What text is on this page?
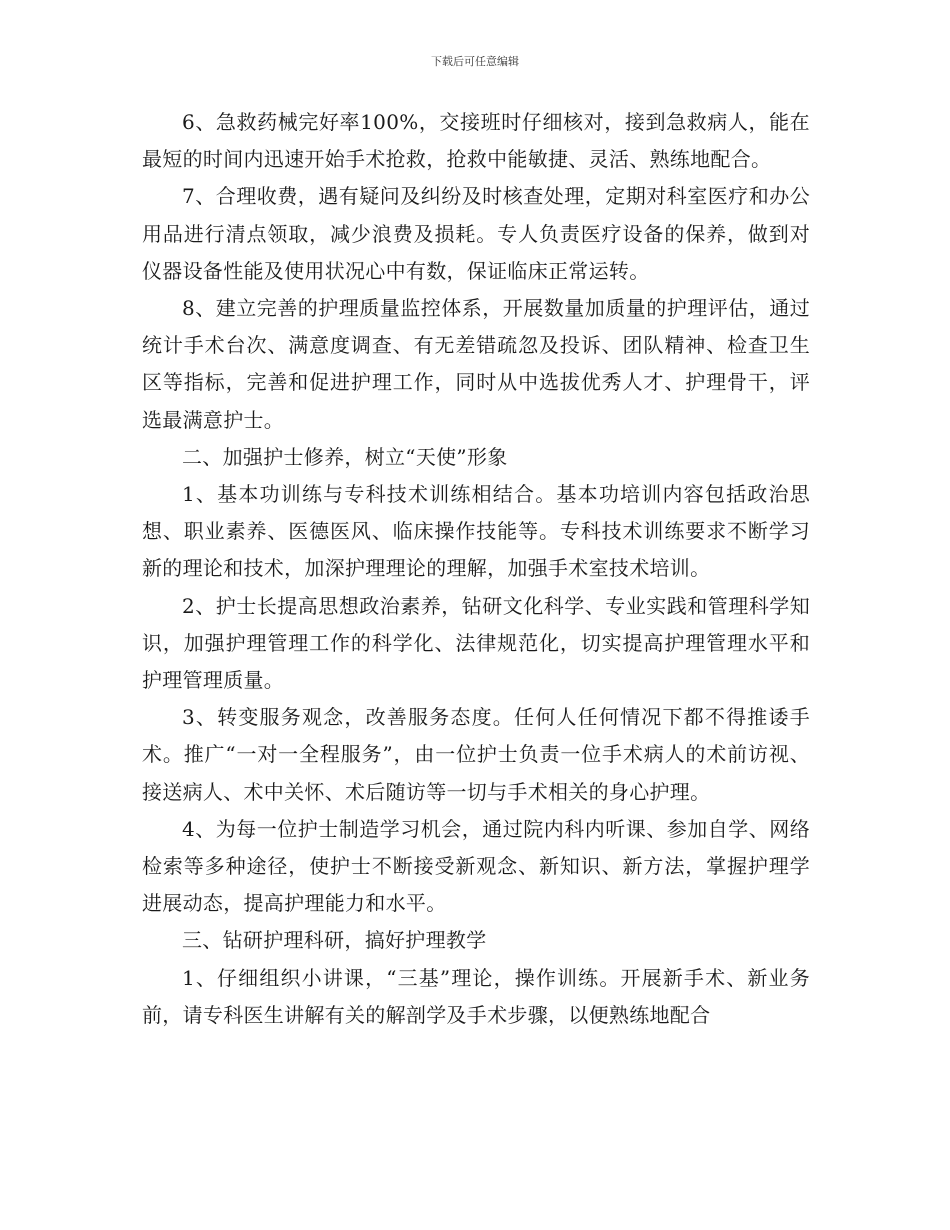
下载后可任意编辑

6、急救药械完好率100%，交接班时仔细核对，接到急救病人，能在最短的时间内迅速开始手术抢救，抢救中能敏捷、灵活、熟练地配合。

7、合理收费，遇有疑问及纠纷及时核查处理，定期对科室医疗和办公用品进行清点领取，减少浪费及损耗。专人负责医疗设备的保养，做到对仪器设备性能及使用状况心中有数，保证临床正常运转。

8、建立完善的护理质量监控体系，开展数量加质量的护理评估，通过统计手术台次、满意度调查、有无差错疏忽及投诉、团队精神、检查卫生区等指标，完善和促进护理工作，同时从中选拔优秀人才、护理骨干，评选最满意护士。

二、加强护士修养，树立“天使”形象

1、基本功训练与专科技术训练相结合。基本功培训内容包括政治思想、职业素养、医德医风、临床操作技能等。专科技术训练要求不断学习新的理论和技术，加深护理理论的理解，加强手术室技术培训。

2、护士长提高思想政治素养，钻研文化科学、专业实践和管理科学知识，加强护理管理工作的科学化、法律规范化，切实提高护理管理水平和护理管理质量。

3、转变服务观念，改善服务态度。任何人任何情况下都不得推诿手术。推广“一对一全程服务”，由一位护士负责一位手术病人的术前访视、接送病人、术中关怀、术后随访等一切与手术相关的身心护理。

4、为每一位护士制造学习机会，通过院内科内听课、参加自学、网络检索等多种途径，使护士不断接受新观念、新知识、新方法，掌握护理学进展动态，提高护理能力和水平。

三、钻研护理科研，搞好护理教学

1、仔细组织小讲课，“三基”理论，操作训练。开展新手术、新业务前，请专科医生讲解有关的解剖学及手术步骤，以便熟练地配合
